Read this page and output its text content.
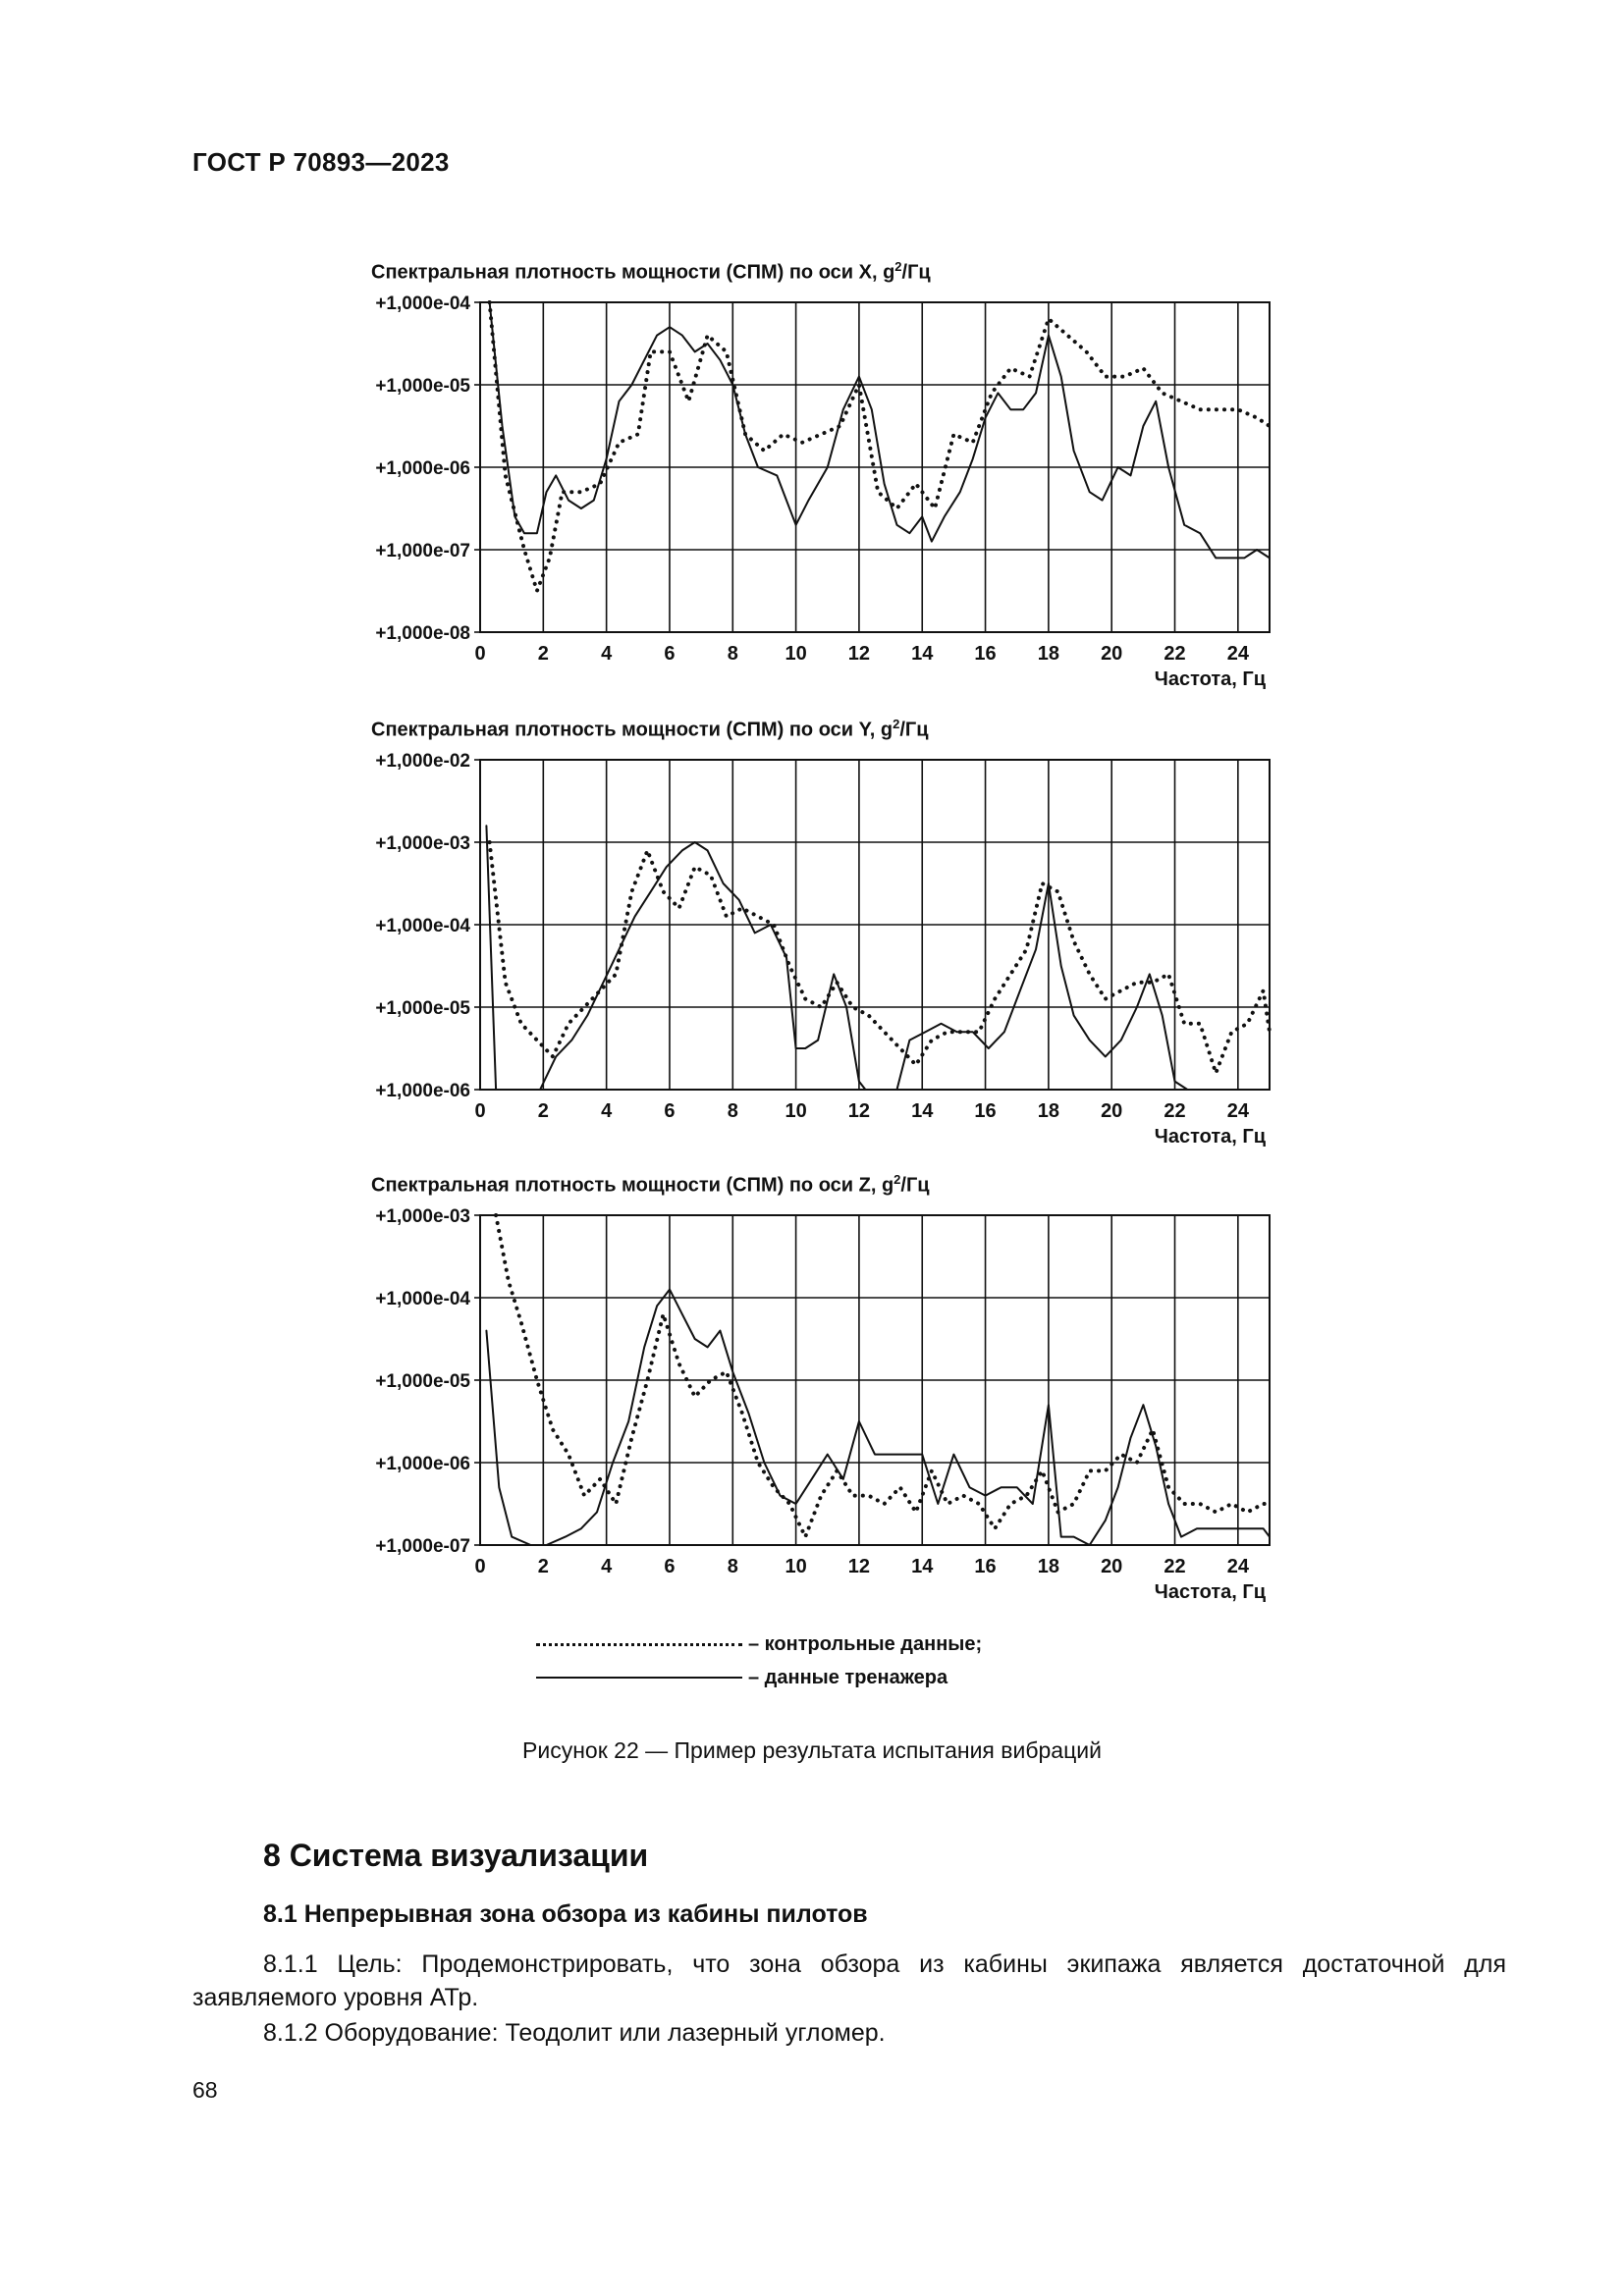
ГОСТ Р 70893—2023
Спектральная плотность мощности (СПМ) по оси X, $g^2/Гц$
+1,000e-04
+1,000e-05
+1,000e-06
+1,000e-07
+1,000e-08
0	2	4	6	8 10 12 14 16 18 20 22 24
Частота, Гц
Спектральная плотность мощности (СПМ) по оси Y, $g^2/Гц$
+1,000e-02
+1,000e-03
+1,000e-04
+1,000e-05
+1,000e-06
0	2	4	6	8 10 12 14 16 18 20 22 24
Частота, Гц
Спектральная плотность мощности (СПМ) по оси Z, $g^2/Гц$
+1,000e-03
+1,000e-04
+1,000e-05
+1,000e-06
+1,000e-07
0	2	4	6	8 10 12 14 16 18 20 22 24
Частота, Гц
– контрольные данные;
– данные тренажера
Рисунок 22 — Пример результата испытания вибраций
8 Система визуализации
8.1 Непрерывная зона обзора из кабины пилотов
8.1.1 Цель: Продемонстрировать, что зона обзора из кабины экипажа является достаточной для заявляемого уровня АТр.
8.1.2 Оборудование: Теодолит или лазерный угломер.
68
